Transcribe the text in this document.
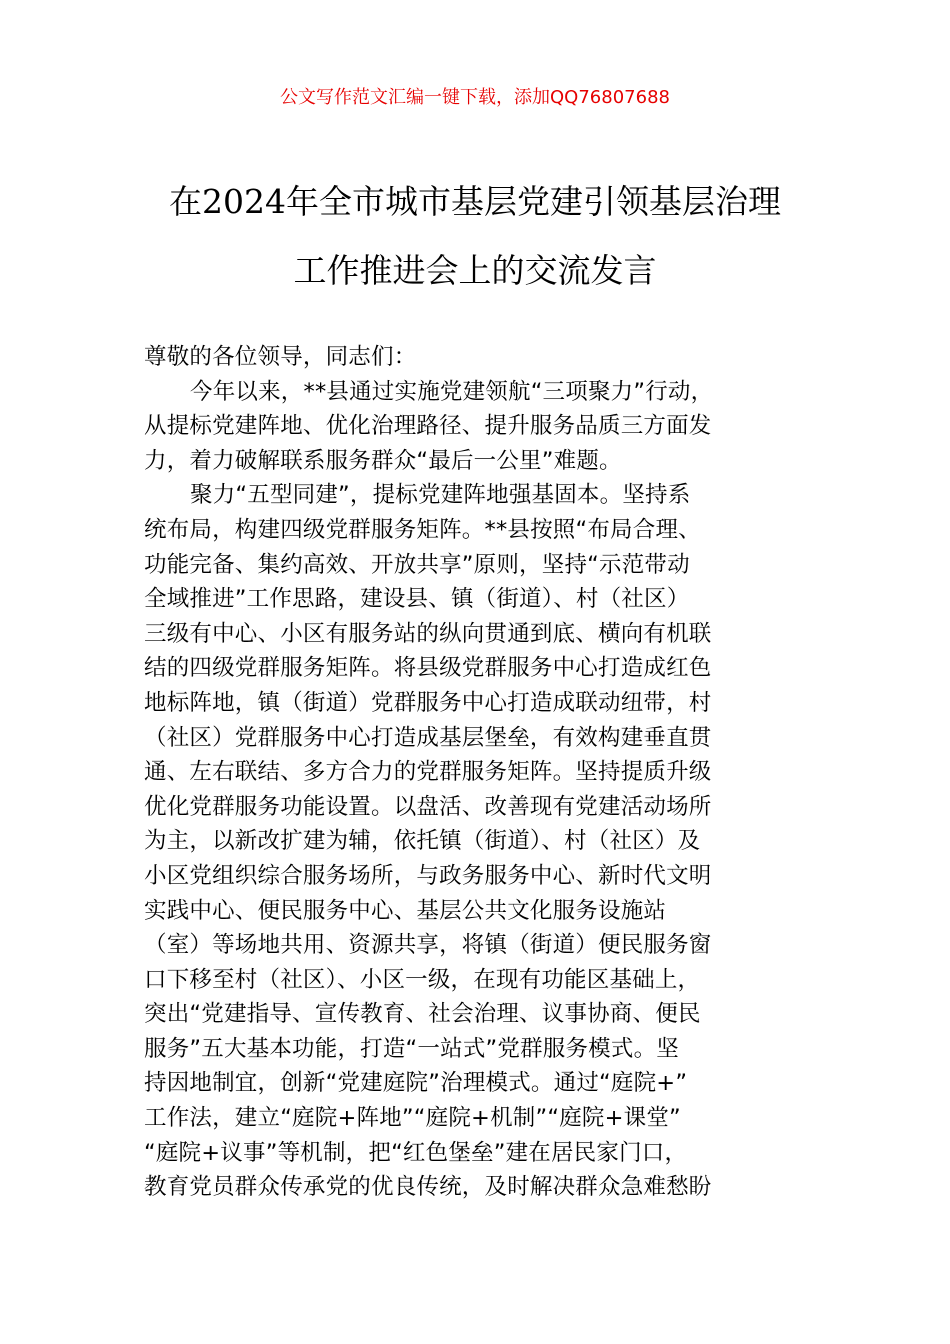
公文写作范文汇编一键下载，添加QQ76807688
在2024年全市城市基层党建引领基层治理
工作推进会上的交流发言
尊敬的各位领导，同志们：
今年以来，**县通过实施党建领航“三项聚力”行动，
从提标党建阵地、优化治理路径、提升服务品质三方面发
力，着力破解联系服务群众“最后一公里”难题。
聚力“五型同建”，提标党建阵地强基固本。坚持系
统布局，构建四级党群服务矩阵。**县按照“布局合理、
功能完备、集约高效、开放共享”原则，坚持“示范带动
全域推进”工作思路，建设县、镇（街道）、村（社区）
三级有中心、小区有服务站的纵向贯通到底、横向有机联
结的四级党群服务矩阵。将县级党群服务中心打造成红色
地标阵地，镇（街道）党群服务中心打造成联动纽带，村
（社区）党群服务中心打造成基层堡垒，有效构建垂直贯
通、左右联结、多方合力的党群服务矩阵。坚持提质升级
优化党群服务功能设置。以盘活、改善现有党建活动场所
为主，以新改扩建为辅，依托镇（街道）、村（社区）及
小区党组织综合服务场所，与政务服务中心、新时代文明
实践中心、便民服务中心、基层公共文化服务设施站
（室）等场地共用、资源共享，将镇（街道）便民服务窗
口下移至村（社区）、小区一级，在现有功能区基础上，
突出“党建指导、宣传教育、社会治理、议事协商、便民
服务”五大基本功能，打造“一站式”党群服务模式。坚
持因地制宜，创新“党建庭院”治理模式。通过“庭院+”
工作法，建立“庭院+阵地”“庭院+机制”“庭院+课堂”
“庭院+议事”等机制，把“红色堡垒”建在居民家门口，
教育党员群众传承党的优良传统，及时解决群众急难愁盼
